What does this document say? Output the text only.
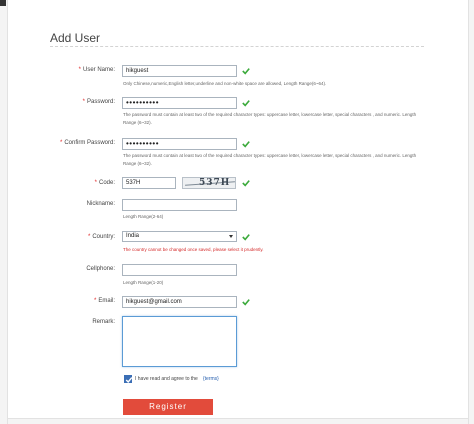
Add User
* User Name:	hikguest
Only Chinese,numeric,English letter,underline and non-white space are allowed, Length Range(6~64).
* Password:	••••••••••
The password must contain at least two of the required character types: uppercase letter, lowercase letter, special characters , and numeric. Length Range (6~32).
* Confirm Password:	••••••••••
The password must contain at least two of the required character types: uppercase letter, lowercase letter, special characters , and numeric. Length Range (6~32).
* Code:	537H	537H
Nickname:
Length Range(2-64)
* Country:	India
The country cannot be changed once saved, please select it prudently.
Cellphone:
Length Range(1-20)
* Email:	hikguest@gmail.com
Remark:
I have read and agree to the {terms}
Register
